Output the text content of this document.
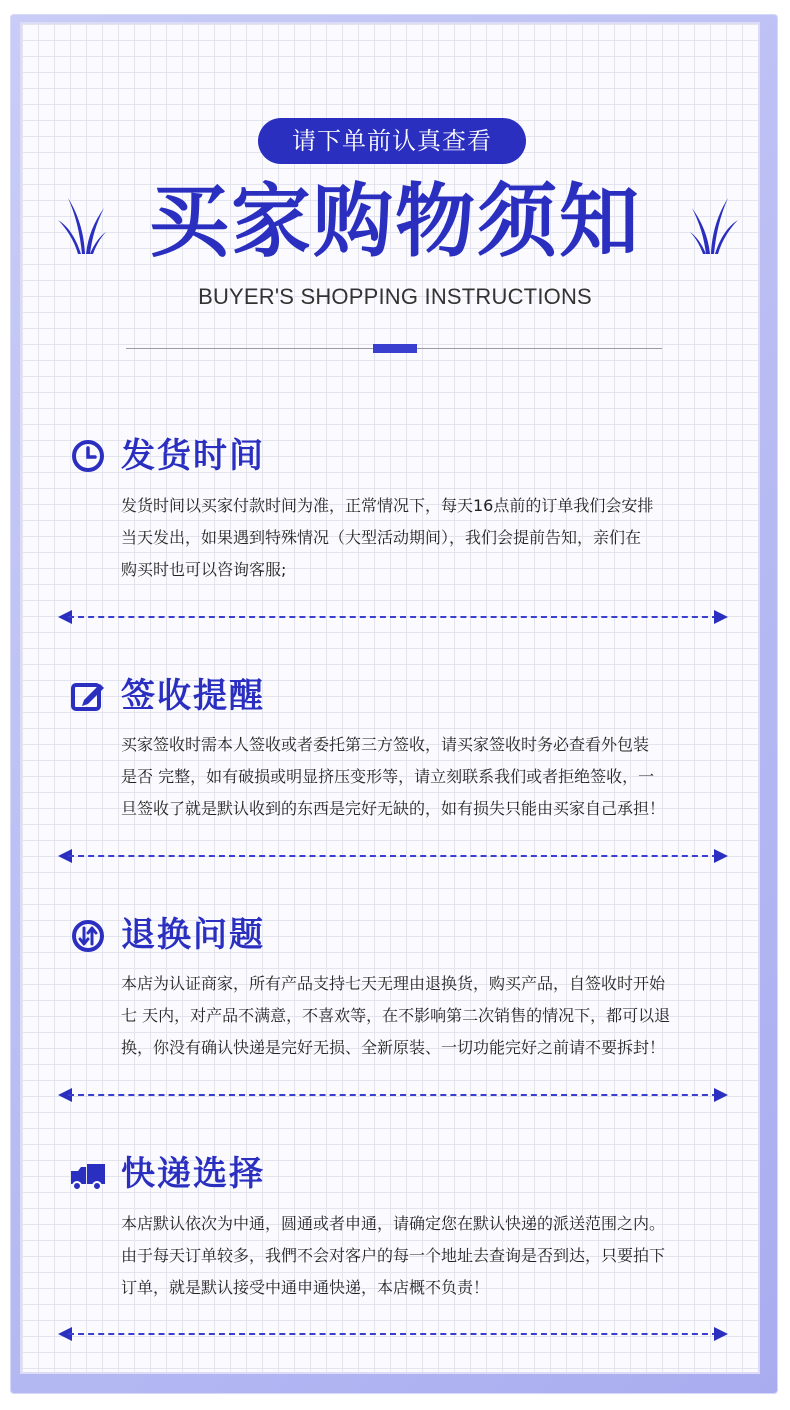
请下单前认真查看
买家购物须知
BUYER'S SHOPPING INSTRUCTIONS
发货时间
发货时间以买家付款时间为准，正常情况下，每天16点前的订单我们会安排
当天发出，如果遇到特殊情况（大型活动期间），我们会提前告知，亲们在
购买时也可以咨询客服;
签收提醒
买家签收时需本人签收或者委托第三方签收，请买家签收时务必查看外包装
是否 完整，如有破损或明显挤压变形等，请立刻联系我们或者拒绝签收，一
旦签收了就是默认收到的东西是完好无缺的，如有损失只能由买家自己承担！
退换问题
本店为认证商家，所有产品支持七天无理由退换货，购买产品，自签收时开始
七 天内，对产品不满意，不喜欢等，在不影响第二次销售的情况下，都可以退
换，你没有确认快递是完好无损、全新原装、一切功能完好之前请不要拆封！
快递选择
本店默认依次为中通，圆通或者申通，请确定您在默认快递的派送范围之内。
由于每天订单较多，我們不会对客户的每一个地址去查询是否到达，只要拍下
订单，就是默认接受中通申通快递，本店概不负责！
